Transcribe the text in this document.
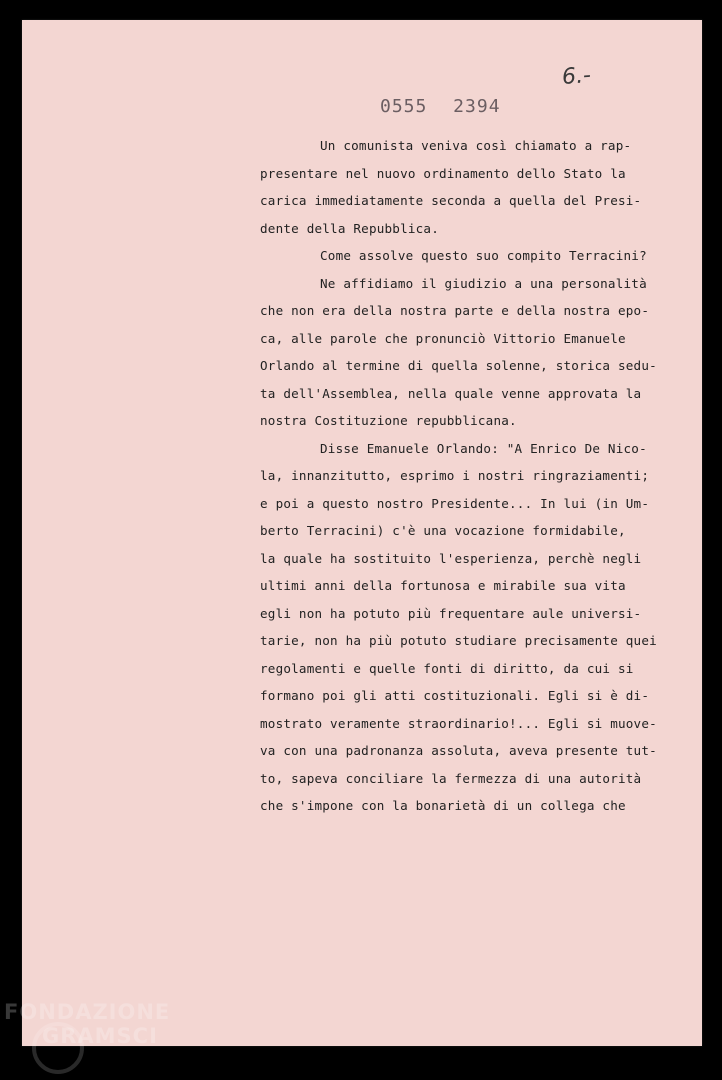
6.-
0555 2394

Un comunista veniva così chiamato a rap-
presentare nel nuovo ordinamento dello Stato la
carica immediatamente seconda a quella del Presi-
dente della Repubblica.

Come assolve questo suo compito Terracini?

Ne affidiamo il giudizio a una personalità
che non era della nostra parte e della nostra epo-
ca, alle parole che pronunciò Vittorio Emanuele
Orlando al termine di quella solenne, storica sedu-
ta dell'Assemblea, nella quale venne approvata la
nostra Costituzione repubblicana.

Disse Emanuele Orlando: "A Enrico De Nico-
la, innanzitutto, esprimo i nostri ringraziamenti;
e poi a questo nostro Presidente... In lui (in Um-
berto Terracini) c'è una vocazione formidabile,
la quale ha sostituito l'esperienza, perchè negli
ultimi anni della fortunosa e mirabile sua vita
egli non ha potuto più frequentare aule universi-
tarie, non ha più potuto studiare precisamente quei
regolamenti e quelle fonti di diritto, da cui si
formano poi gli atti costituzionali. Egli si è di-
mostrato veramente straordinario!... Egli si muove-
va con una padronanza assoluta, aveva presente tut-
to, sapeva conciliare la fermezza di una autorità
che s'impone con la bonarietà di un collega che

FONDAZIONE
GRAMSCI
